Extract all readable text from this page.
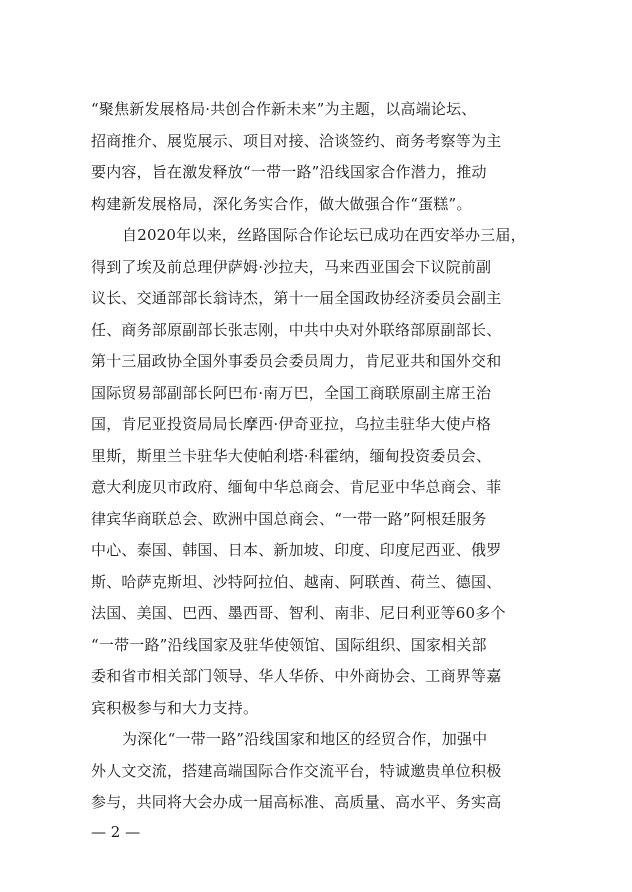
“聚焦新发展格局·共创合作新未来”为主题，以高端论坛、
招商推介、展览展示、项目对接、洽谈签约、商务考察等为主
要内容，旨在激发释放“一带一路”沿线国家合作潜力，推动
构建新发展格局，深化务实合作，做大做强合作“蛋糕”。
自2020年以来，丝路国际合作论坛已成功在西安举办三届，
得到了埃及前总理伊萨姆·沙拉夫，马来西亚国会下议院前副
议长、交通部部长翁诗杰，第十一届全国政协经济委员会副主
任、商务部原副部长张志刚，中共中央对外联络部原副部长、
第十三届政协全国外事委员会委员周力，肯尼亚共和国外交和
国际贸易部副部长阿巴布·南万巴，全国工商联原副主席王治
国，肯尼亚投资局局长摩西·伊奇亚拉，乌拉圭驻华大使卢格
里斯，斯里兰卡驻华大使帕利塔·科霍纳，缅甸投资委员会、
意大利庞贝市政府、缅甸中华总商会、肯尼亚中华总商会、菲
律宾华商联总会、欧洲中国总商会、“一带一路”阿根廷服务
中心、泰国、韩国、日本、新加坡、印度、印度尼西亚、俄罗
斯、哈萨克斯坦、沙特阿拉伯、越南、阿联酋、荷兰、德国、
法国、美国、巴西、墨西哥、智利、南非、尼日利亚等60多个
“一带一路”沿线国家及驻华使领馆、国际组织、国家相关部
委和省市相关部门领导、华人华侨、中外商协会、工商界等嘉
宾积极参与和大力支持。
为深化“一带一路”沿线国家和地区的经贸合作，加强中
外人文交流，搭建高端国际合作交流平台，特诚邀贵单位积极
参与，共同将大会办成一届高标准、高质量、高水平、务实高
— 2 —
